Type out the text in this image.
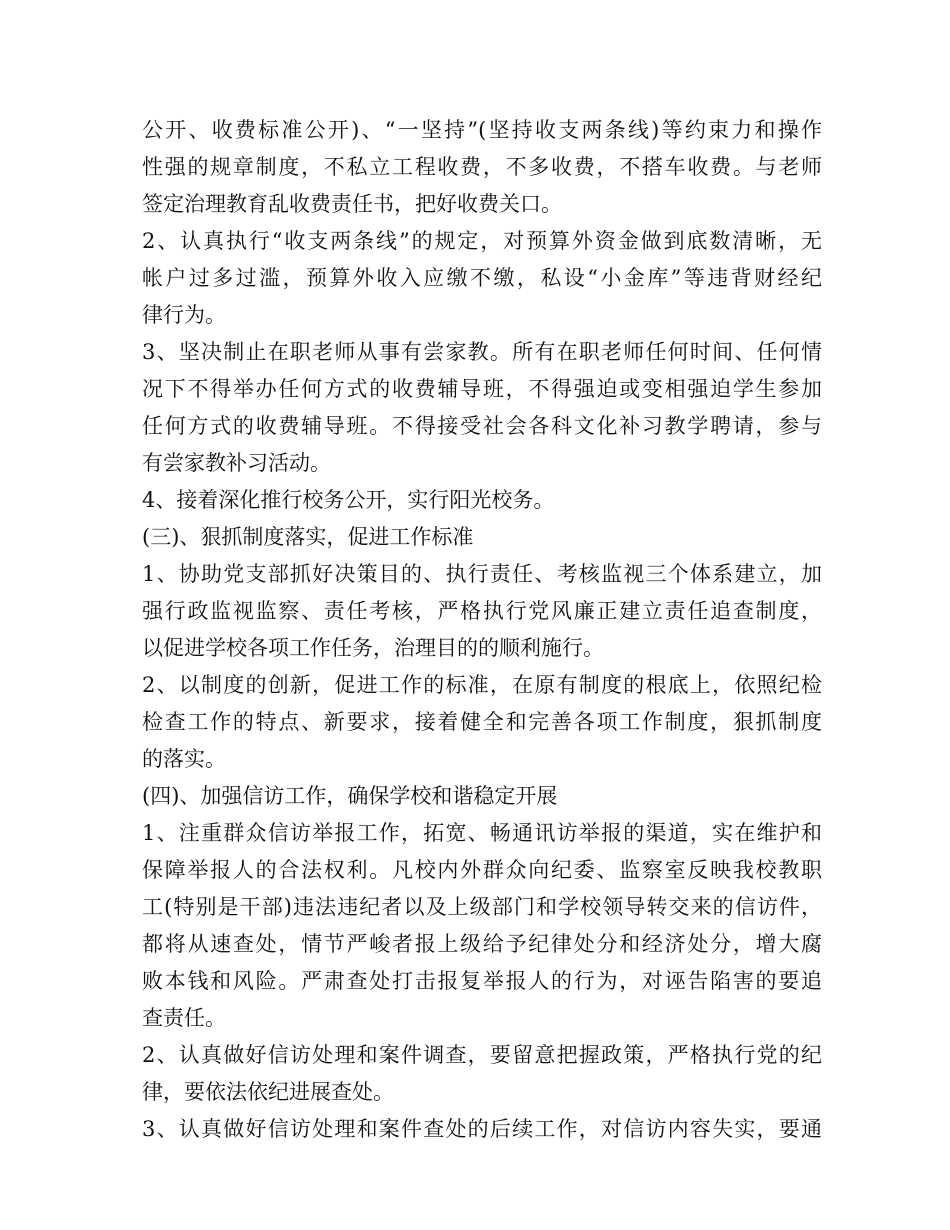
公开、收费标准公开)、“一坚持”(坚持收支两条线)等约束力和操作
性强的规章制度，不私立工程收费，不多收费，不搭车收费。与老师
签定治理教育乱收费责任书，把好收费关口。
2、认真执行“收支两条线”的规定，对预算外资金做到底数清晰，无
帐户过多过滥，预算外收入应缴不缴，私设“小金库”等违背财经纪
律行为。
3、坚决制止在职老师从事有尝家教。所有在职老师任何时间、任何情
况下不得举办任何方式的收费辅导班，不得强迫或变相强迫学生参加
任何方式的收费辅导班。不得接受社会各科文化补习教学聘请，参与
有尝家教补习活动。
4、接着深化推行校务公开，实行阳光校务。
(三)、狠抓制度落实，促进工作标准
1、协助党支部抓好决策目的、执行责任、考核监视三个体系建立，加
强行政监视监察、责任考核，严格执行党风廉正建立责任追查制度，
以促进学校各项工作任务，治理目的的顺利施行。
2、以制度的创新，促进工作的标准，在原有制度的根底上，依照纪检
检查工作的特点、新要求，接着健全和完善各项工作制度，狠抓制度
的落实。
(四)、加强信访工作，确保学校和谐稳定开展
1、注重群众信访举报工作，拓宽、畅通讯访举报的渠道，实在维护和
保障举报人的合法权利。凡校内外群众向纪委、监察室反映我校教职
工(特别是干部)违法违纪者以及上级部门和学校领导转交来的信访件，
都将从速查处，情节严峻者报上级给予纪律处分和经济处分，增大腐
败本钱和风险。严肃查处打击报复举报人的行为，对诬告陷害的要追
查责任。
2、认真做好信访处理和案件调查，要留意把握政策，严格执行党的纪
律，要依法依纪进展查处。
3、认真做好信访处理和案件查处的后续工作，对信访内容失实，要通
